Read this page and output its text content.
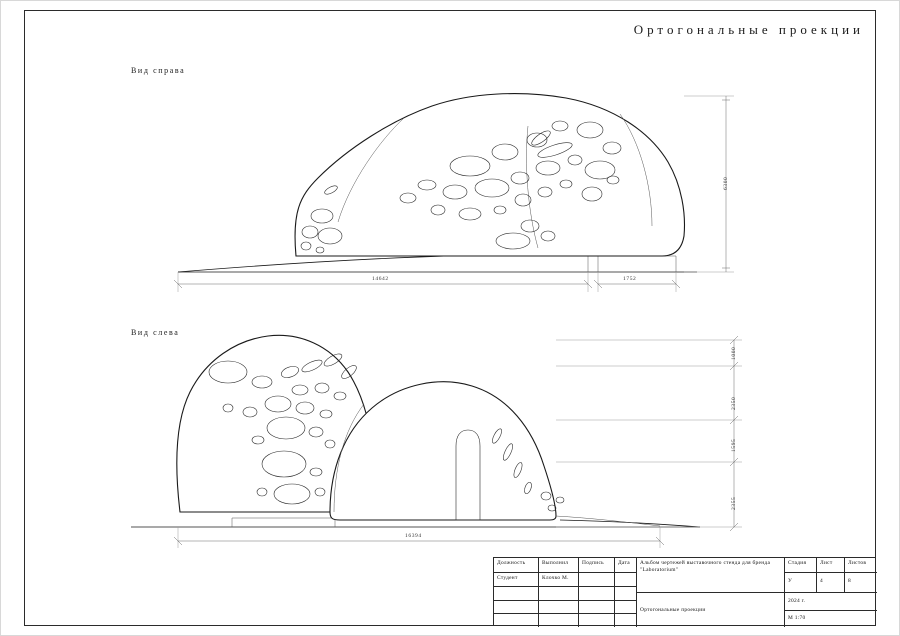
Ортогональные проекции
Вид справа
6300
14642	1752
Вид слева
1000
2350
1595
2355
16394
Должность	Выполнил	Подпись	Дата
Студент	Клочко М.
Альбом чертежей выставочного стенда для бренда "Laboratorium"
Ортогональные проекции
Стадия	Лист	Листов
У	4	8
2024 г.
М 1:70
